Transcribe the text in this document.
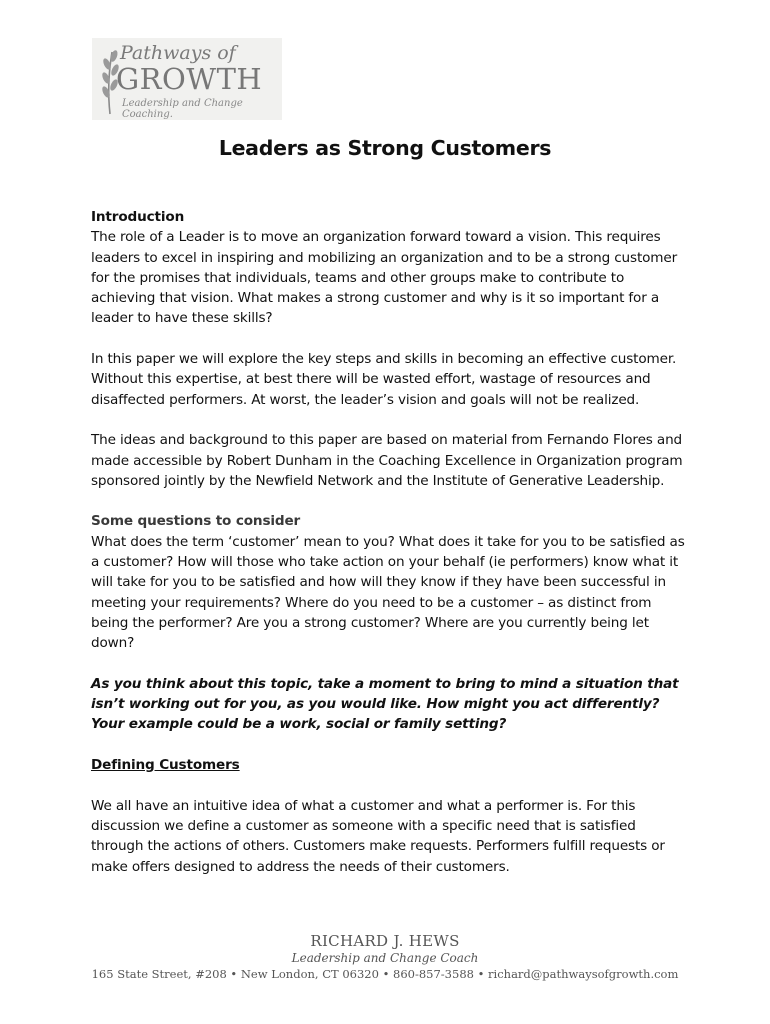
Pathways of
GROWTH
Leadership and Change Coaching.
Leaders as Strong Customers

Introduction
The role of a Leader is to move an organization forward toward a vision. This requires leaders to excel in inspiring and mobilizing an organization and to be a strong customer for the promises that individuals, teams and other groups make to contribute to achieving that vision. What makes a strong customer and why is it so important for a leader to have these skills?

In this paper we will explore the key steps and skills in becoming an effective customer. Without this expertise, at best there will be wasted effort, wastage of resources and disaffected performers. At worst, the leader’s vision and goals will not be realized.

The ideas and background to this paper are based on material from Fernando Flores and made accessible by Robert Dunham in the Coaching Excellence in Organization program sponsored jointly by the Newfield Network and the Institute of Generative Leadership.

Some questions to consider
What does the term ‘customer’ mean to you? What does it take for you to be satisfied as a customer? How will those who take action on your behalf (ie performers) know what it will take for you to be satisfied and how will they know if they have been successful in meeting your requirements? Where do you need to be a customer – as distinct from being the performer? Are you a strong customer? Where are you currently being let down?

As you think about this topic, take a moment to bring to mind a situation that isn’t working out for you, as you would like. How might you act differently? Your example could be a work, social or family setting?

Defining Customers

We all have an intuitive idea of what a customer and what a performer is. For this discussion we define a customer as someone with a specific need that is satisfied through the actions of others. Customers make requests. Performers fulfill requests or make offers designed to address the needs of their customers.

RICHARD J. HEWS
Leadership and Change Coach
165 State Street, #208 • New London, CT 06320 • 860-857-3588 • richard@pathwaysofgrowth.com
